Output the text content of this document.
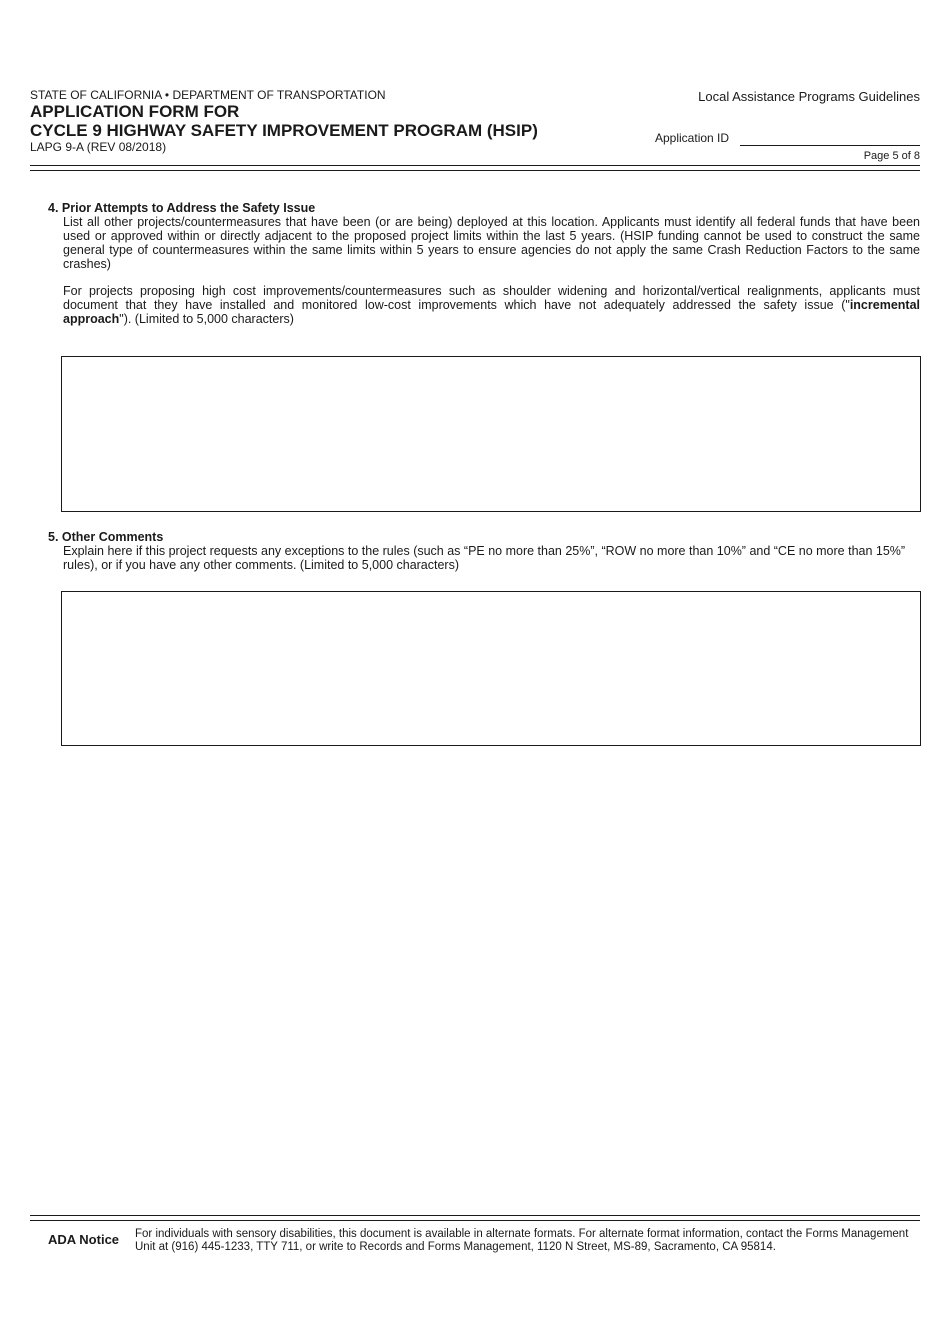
STATE OF CALIFORNIA • DEPARTMENT OF TRANSPORTATION
APPLICATION FORM FOR
CYCLE 9 HIGHWAY SAFETY IMPROVEMENT PROGRAM (HSIP)
LAPG 9-A (REV 08/2018)
Local Assistance Programs Guidelines
Application ID
Page 5 of 8
4. Prior Attempts to Address the Safety Issue
List all other projects/countermeasures that have been (or are being) deployed at this location. Applicants must identify all federal funds that have been used or approved within or directly adjacent to the proposed project limits within the last 5 years. (HSIP funding cannot be used to construct the same general type of countermeasures within the same limits within 5 years to ensure agencies do not apply the same Crash Reduction Factors to the same crashes)
For projects proposing high cost improvements/countermeasures such as shoulder widening and horizontal/vertical realignments, applicants must document that they have installed and monitored low-cost improvements which have not adequately addressed the safety issue ("incremental approach"). (Limited to 5,000 characters)
5. Other Comments
Explain here if this project requests any exceptions to the rules (such as “PE no more than 25%”, “ROW no more than 10%” and “CE no more than 15%” rules), or if you have any other comments. (Limited to 5,000 characters)
ADA Notice For individuals with sensory disabilities, this document is available in alternate formats. For alternate format information, contact the Forms Management Unit at (916) 445-1233, TTY 711, or write to Records and Forms Management, 1120 N Street, MS-89, Sacramento, CA 95814.
